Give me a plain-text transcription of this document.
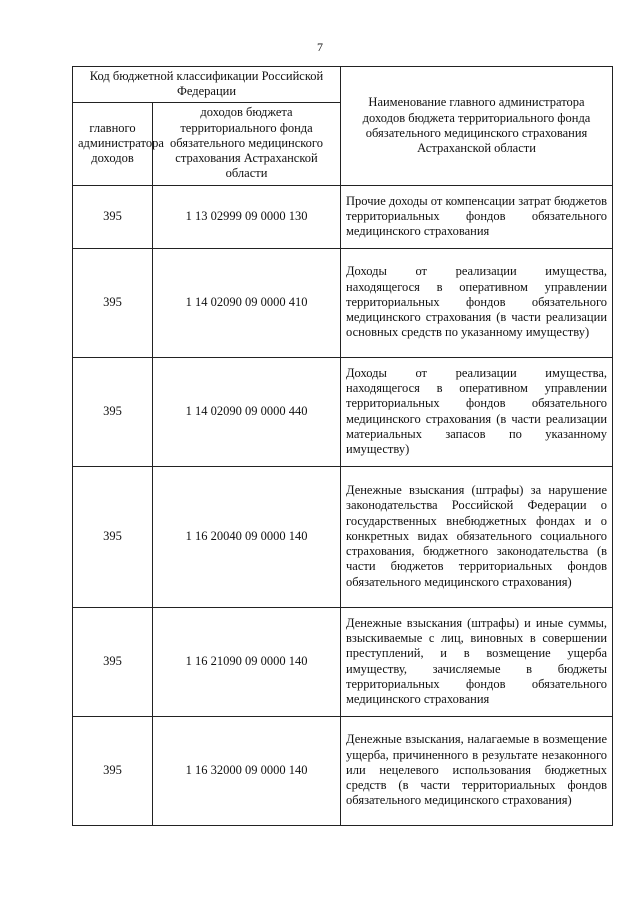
7
Код бюджетной классификации Российской Федерации		Наименование главного администратора доходов бюджета территориального фонда обязательного медицинского страхования Астраханской области
главного администратора доходов	доходов бюджета территориального фонда обязательного медицинского страхования Астраханской области	
395	1 13 02999 09 0000 130	Прочие доходы от компенсации затрат бюджетов территориальных фондов обязательного медицинского страхования
395	1 14 02090 09 0000 410	Доходы от реализации имущества, находящегося в оперативном управлении территориальных фондов обязательного медицинского страхования (в части реализации основных средств по указанному имуществу)
395	1 14 02090 09 0000 440	Доходы от реализации имущества, находящегося в оперативном управлении территориальных фондов обязательного медицинского страхования (в части реализации материальных запасов по указанному имуществу)
395	1 16 20040 09 0000 140	Денежные взыскания (штрафы) за нарушение законодательства Российской Федерации о государственных внебюджетных фондах и о конкретных видах обязательного социального страхования, бюджетного законодательства (в части бюджетов территориальных фондов обязательного медицинского страхования)
395	1 16 21090 09 0000 140	Денежные взыскания (штрафы) и иные суммы, взыскиваемые с лиц, виновных в совершении преступлений, и в возмещение ущерба имуществу, зачисляемые в бюджеты территориальных фондов обязательного медицинского страхования
395	1 16 32000 09 0000 140	Денежные взыскания, налагаемые в возмещение ущерба, причиненного в результате незаконного или нецелевого использования бюджетных средств (в части территориальных фондов обязательного медицинского страхования)
